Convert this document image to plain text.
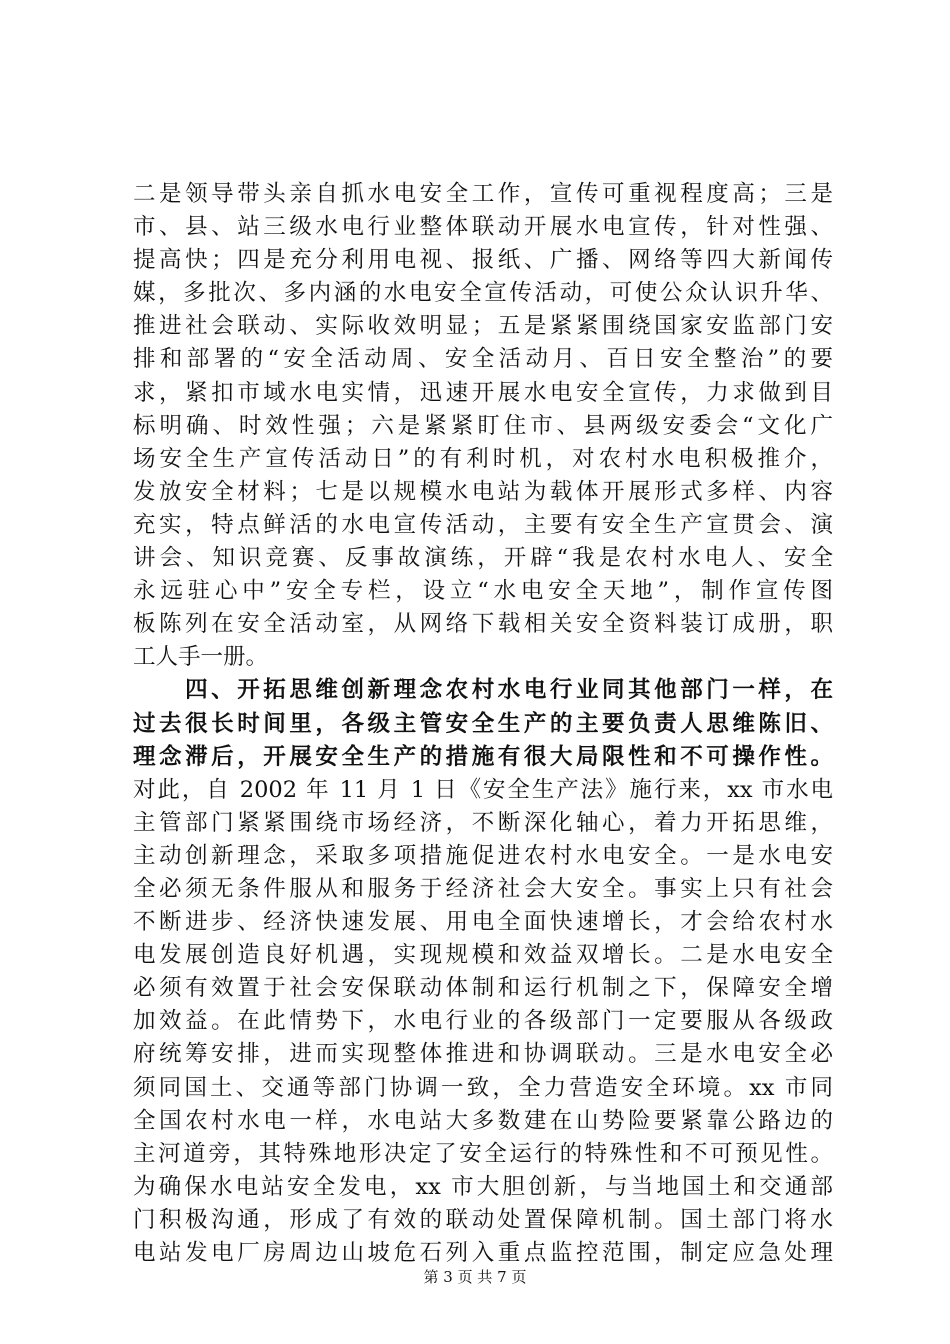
二是领导带头亲自抓水电安全工作，宣传可重视程度高；三是
市、县、站三级水电行业整体联动开展水电宣传，针对性强、
提高快；四是充分利用电视、报纸、广播、网络等四大新闻传
媒，多批次、多内涵的水电安全宣传活动，可使公众认识升华、
推进社会联动、实际收效明显；五是紧紧围绕国家安监部门安
排和部署的“安全活动周、安全活动月、百日安全整治”的要
求，紧扣市域水电实情，迅速开展水电安全宣传，力求做到目
标明确、时效性强；六是紧紧盯住市、县两级安委会“文化广
场安全生产宣传活动日”的有利时机，对农村水电积极推介，
发放安全材料；七是以规模水电站为载体开展形式多样、内容
充实，特点鲜活的水电宣传活动，主要有安全生产宣贯会、演
讲会、知识竞赛、反事故演练，开辟“我是农村水电人、安全
永远驻心中”安全专栏，设立“水电安全天地”，制作宣传图
板陈列在安全活动室，从网络下载相关安全资料装订成册，职
工人手一册。
　　四、开拓思维创新理念农村水电行业同其他部门一样，在
过去很长时间里，各级主管安全生产的主要负责人思维陈旧、
理念滞后，开展安全生产的措施有很大局限性和不可操作性。
对此，自 2002 年 11 月 1 日《安全生产法》施行来，xx 市水电
主管部门紧紧围绕市场经济，不断深化轴心，着力开拓思维，
主动创新理念，采取多项措施促进农村水电安全。一是水电安
全必须无条件服从和服务于经济社会大安全。事实上只有社会
不断进步、经济快速发展、用电全面快速增长，才会给农村水
电发展创造良好机遇，实现规模和效益双增长。二是水电安全
必须有效置于社会安保联动体制和运行机制之下，保障安全增
加效益。在此情势下，水电行业的各级部门一定要服从各级政
府统筹安排，进而实现整体推进和协调联动。三是水电安全必
须同国土、交通等部门协调一致，全力营造安全环境。xx 市同
全国农村水电一样，水电站大多数建在山势险要紧靠公路边的
主河道旁，其特殊地形决定了安全运行的特殊性和不可预见性。
为确保水电站安全发电，xx 市大胆创新，与当地国土和交通部
门积极沟通，形成了有效的联动处置保障机制。国土部门将水
电站发电厂房周边山坡危石列入重点监控范围，制定应急处理
第 3 页 共 7 页
